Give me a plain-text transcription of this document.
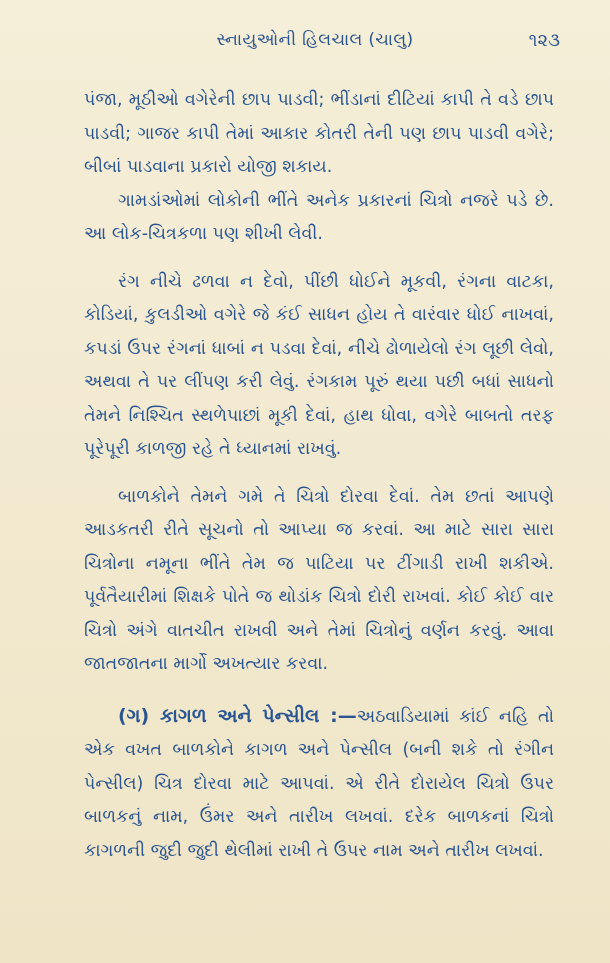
સ્નાયુઓની હિલચાલ (ચાલુ)	૧૨૩

પંજા, મૂઠીઓ વગેરેની છાપ પાડવી; ભીંડાનાં દીટિયાં કાપી તે વડે છાપ પાડવી; ગાજર કાપી તેમાં આકાર કોતરી તેની પણ છાપ પાડવી વગેરે; બીબાં પાડવાના પ્રકારો યોજી શકાય.

ગામડાંઓમાં લોકોની ભીંતે અનેક પ્રકારનાં ચિત્રો નજરે પડે છે. આ લોક-ચિત્રકળા પણ શીખી લેવી.

રંગ નીચે ઢળવા ન દેવો, પીંછી ધોઈને મૂકવી, રંગના વાટકા, કોડિયાં, કુલડીઓ વગેરે જે કંઈ સાધન હોય તે વારંવાર ધોઈ નાખવાં, કપડાં ઉપર રંગનાં ધાબાં ન પડવા દેવાં, નીચે ઢોળાયેલો રંગ લૂછી લેવો, અથવા તે પર લીંપણ કરી લેવું. રંગકામ પૂરું થયા પછી બધાં સાધનો તેમને નિશ્ચિત સ્થળેપાછાં મૂકી દેવાં, હાથ ધોવા, વગેરે બાબતો તરફ પૂરેપૂરી કાળજી રહે તે ધ્યાનમાં રાખવું.

બાળકોને તેમને ગમે તે ચિત્રો દોરવા દેવાં. તેમ છતાં આપણે આડકતરી રીતે સૂચનો તો આપ્યા જ કરવાં. આ માટે સારા સારા ચિત્રોના નમૂના ભીંતે તેમ જ પાટિયા પર ટીંગાડી રાખી શકીએ. પૂર્વતૈયારીમાં શિક્ષકે પોતે જ થોડાંક ચિત્રો દોરી રાખવાં. કોઈ કોઈ વાર ચિત્રો અંગે વાતચીત રાખવી અને તેમાં ચિત્રોનું વર્ણન કરવું. આવા જાતજાતના માર્ગો અખત્યાર કરવા.

(ગ) કાગળ અને પેન્સીલ :—અઠવાડિયામાં કાંઈ નહિ તો એક વખત બાળકોને કાગળ અને પેન્સીલ (બની શકે તો રંગીન પેન્સીલ) ચિત્ર દોરવા માટે આપવાં. એ રીતે દોરાયેલ ચિત્રો ઉપર બાળકનું નામ, ઉંમર અને તારીખ લખવાં. દરેક બાળકનાં ચિત્રો કાગળની જુદી જુદી થેલીમાં રાખી તે ઉપર નામ અને તારીખ લખવાં.
